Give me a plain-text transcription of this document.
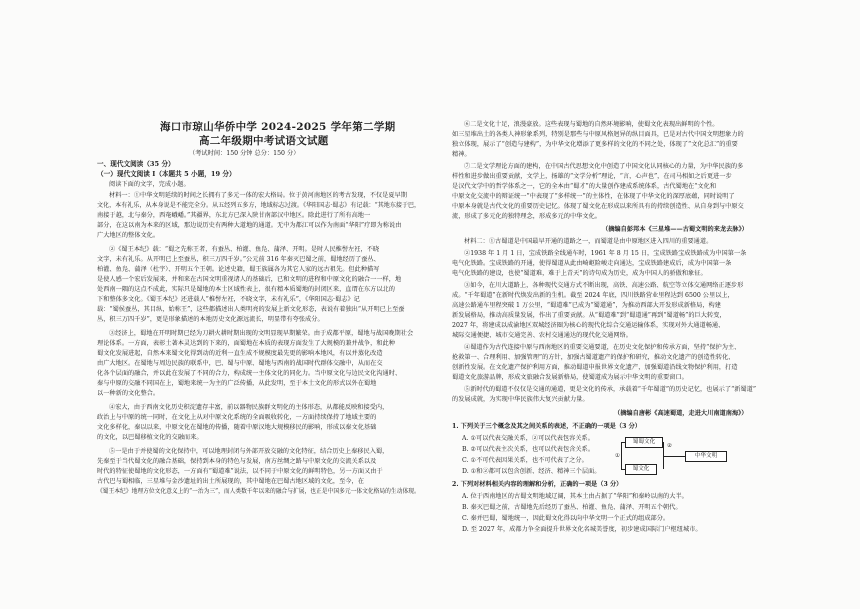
海口市琼山华侨中学 2024-2025 学年第二学期
高二年级期中考试语文试题
（考试时间：150 分钟 总分：150 分）
一、现代文阅读（35 分）
（一）现代文阅读 I（本题共 5 小题，19 分）
阅读下面的文字，完成小题。
材料一：①中华文明延续的时间之长拥有了多元一体的宏大格局。位于黄河南地区的考古发现，不仅是夏早期
文化，本有礼乐，从本身说是不能完全分。从五经列五多方，地域标志过渡。《华阳国志·蜀志》有记载：“其地东接于巴，
南接于越，北与秦分，西奄峨嶓。”其疆界，东北方已深入陕甘南部汉中地区。除此进行了所有高地一
部分，在这以南为本来的区域，那边说历史有两种大道地的通道。无中为都江可以作为南面“华阳”疗即为称说由
广大地区的整体文化。
②《蜀王本纪》载：“蜀之先称王者，有蚕丛、柏灌、鱼凫、蒲泽、开明。是时人民椎髻左衽，不晓
文字，未有礼乐。从开明已上至蚕丛，积三万四千岁。”公元前 316 年秦灭巴蜀之前，蜀地经历了蚕丛、
柏灌、鱼凫、蒲泽（杜宇）、开明五个王朝。论述史籍，蜀王族属各为其它人家的远古祖先。但此种描写
是使人感一个宏后发展来，并和来在古国文明重视诸人的基础后，已和文明的进程和中原文化的融合一一样，地
处西南一隅的这点不成此，实际只是蜀地的本土区域性表上，很有精本质蜀地的封闭区来，直谓在东方以北的
下和整体多文化。《蜀王本纪》还进载人“椎髻左衽，不晓文字，未有礼乐”，《华阳国志·蜀志》记
载：“蜀侯蚕丛，其目纵，始称王”，这些都描述出人类明亮的发展上新文化形态，表说有着独出“从开明已上至蚕
丛，积三万四千岁”，更是形象描述的本地历史文化源远流长，明显带有夸张成分。
③经济上，蜀地在开明时期已经为刀耕火耕时期出现的文明显现早期繁荣。由于成都平原，蜀地与战国晚期社会
理论体系。一方面，表彰土著本灵达到的下来的，面蜀地在本质的表现方面发生了大规模的兼并战争，和此种
蜀文化发展进起，自然本来蜀文化得到动的近利一直生成不规模度最先更的影响本地风，有以并蒸化改造
由广大地区。在蜀地与周边民族的联系中，巴、蜀与中原、蜀地与西南的战国时代群体交融中，从而在交
化各个层面的融合，并以此在发展了不同的合力，构成统一主体文化的同化力。当中原文化与边民文化沟通时、
秦与中原的交融不同国在上，蜀地来统一为主的广泛传播，从此发明，至于本土文化的形式以外在蜀地
以一种新的文化整合。
④宏大，由于西南文化历史积淀遗存丰富，前以器物民族群文明化的主体形态，从都能反映和接受内，
政治上与中原的统一同时，在文化上从对中原文化系统的全面吸收转化，一方面持续保持了地域主要的
文化多样化，秦以以来，中原文化在蜀地的传播，随着中原汉地大规模移民的影响，形成以秦文化基础
的文化，以巴蜀移植文化的交融而来。
⑤一是由于并使蜀的文化保持中，可以地理封闭与外部开放交融的文化特征，结合历史上秦移民入蜀，
先秦至于当代蜀文化的融合基础，保持到本身的特色与发展，南方丝绸之路与中原文化的交流关系以及
时代的特征使蜀地的文化形态，一方面有“蜀道难”说法，以不同于中原文化的鲜明特色，另一方面又由于
古代巴与蜀相临，三星堆与金沙遗址的出土所展现的，其中蜀地在巴蜀古地区域的文化，至今，在
《蜀王本纪》地理方位文化意义上的“一治为三”，而人类数千年以来的融合与扩展，也正是中国多元一体文化格局的生动体现。
⑥二是文化十足，浪漫豪放。这些表现与蜀地的自然环境影响，使蜀文化表现出鲜明的个性。
如三星堆出土的各类人神形象系列，特别是那些与中原风格迥异的纵目面具，已是对古代中国文明想象力的
独立体现，展示了“创造与建构”，为中华文化增添了更多样的文化的不同之处，体现了“文化总汇”的重要
精神。
⑦二是文学理论方面的建构，在中国古代思想文化中创造了中国文化认同核心的力量，为中华民族的多
样性和进步做出重要贡献，文学上，扬雄的“文学分析”理论，“言，心声也”，在司马相如之后更进一步
是汉代文学中的哲学体系之一，它的全本由“蜀才”的大量创作建成系统体系，古代蜀地在“文化和
中原文化交流中的辩证统一”中表现了“多样统一”的主体性，在体现了中华文化的深厚底蕴，同时说明了
中原本身就是古代文化的重要历史记忆。体现了蜀文化在形成以来所具有的持续创造性、从自身到与中原交
流，形成了多元化的独特理念，形成多元的中华文化。
（摘编自彭邦本《三星堆——古蜀文明的来龙去脉》）
材料二：①古蜀道是中国最早开通的道路之一，而蜀道是由中原地区进入四川的重要通道。
②1938 年 1 月 1 日，宝成铁路全线通车时，1961 年 8 月 15 日，宝成铁路宝成铁路成为中国第一条
电气化铁路。宝成铁路的开通，使得蜀道从此由崎岖险峻走向通达，宝成铁路建成后，成为中国第一条
电气化铁路的建设，也使“蜀道难，难于上青天”的诗句成为历史，成为中国人的骄傲和象征。
③如今，在川大道路上，各种现代交通方式不断出现，高铁、高速公路、航空等立体交通网络正逐步形
成。“千年蜀道”在新时代焕发出新的生机。截至 2024 年底，四川铁路营业里程达到 6500 公里以上，
高速公路通车里程突破 1 万公里，“蜀道难”已成为“蜀道通”，为推动西部大开发形成新格局，构建
新发展格局，推动高质量发展，作出了重要贡献。从“蜀道难”到“蜀道通”再到“蜀道畅”的巨大转变，
2027 年，将建成以成渝地区双城经济圈为核心的现代化综合交通运输体系，实现对外大通道畅通、
城际交通便捷、城市交通完善、农村交通通达的现代化交通网络。
④蜀道作为古代连接中原与西南地区的重要交通要道，在历史文化保护和传承方面，坚持“保护为主、
抢救第一、合理利用、加强管理”的方针，加强古蜀道遗产的保护和研究，推动文化遗产的创造性转化、
创新性发展。在文化遗产保护利用方面，推动蜀道申报世界文化遗产，加强蜀道沿线文物保护利用，打造
蜀道文化旅游品牌，形成文旅融合发展新格局，使蜀道成为展示中华文明的重要窗口。
⑤新时代的蜀道不仅仅是交通的通道，更是文化的传承，承载着“千年蜀道”的历史记忆，也展示了“新蜀道”
的发展成就，为实现中华民族伟大复兴贡献力量。
（摘编自唐彬《高速蜀道，走进大川南道南海》）
1. 下列关于三个概念及其之间关系的表述，不正确的一项是（3 分）
A. ①可以代表交融关系，②可以代表包容关系。
B. ②可以代表主次关系，也可以代表包含关系。
C. ①不可代表因果关系，也不可代表了之分。
D. ①和②都可以包含创新、经济、精神三个层面。
2. 下列对材料相关内容的理解和分析，正确的一项是（3 分）
A. 位于西南地区的古蜀文明地域辽阔，其本土由占据了“华阳”和秦岭以南的大半。
B. 秦灭巴蜀之前，古蜀地先后经历了蚕丛、柏灌、鱼凫、蒲泽、开明五个朝代。
C. 秦并巴蜀，蜀地统一，因此蜀文化得以向中华文明一个正式的组成部分。
D. 至 2027 年，成都力争全面提升世界文化名城美誉度，初步建成国际门户枢纽城市。
蜀蜀文化
蜀文化
中华文明
①
②
